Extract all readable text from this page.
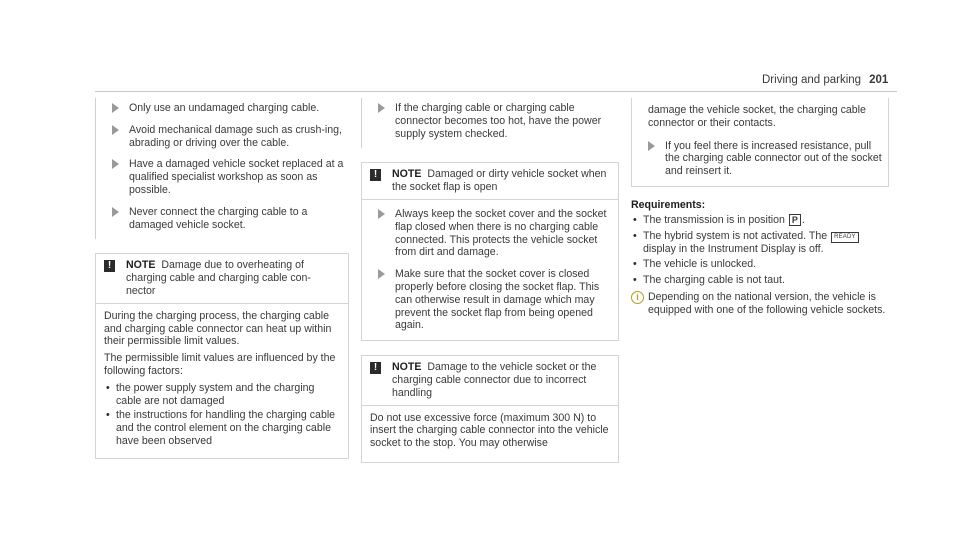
Driving and parking 201
Only use an undamaged charging cable.
Avoid mechanical damage such as crush-ing, abrading or driving over the cable.
Have a damaged vehicle socket replaced at a qualified specialist workshop as soon as possible.
Never connect the charging cable to a damaged vehicle socket.
!	NOTE Damage due to overheating of charging cable and charging cable con-nector

During the charging process, the charging cable and charging cable connector can heat up within their permissible limit values.

The permissible limit values are influenced by the following factors:

• the power supply system and the charging cable are not damaged
• the instructions for handling the charging cable and the control element on the charging cable have been observed
If the charging cable or charging cable connector becomes too hot, have the power supply system checked.
!	NOTE Damaged or dirty vehicle socket when the socket flap is open
Always keep the socket cover and the socket flap closed when there is no charging cable connected. This protects the vehicle socket from dirt and damage.
Make sure that the socket cover is closed properly before closing the socket flap. This can otherwise result in damage which may prevent the socket flap from being opened again.
!	NOTE Damage to the vehicle socket or the charging cable connector due to incorrect handling

Do not use excessive force (maximum 300 N) to insert the charging cable connector into the vehicle socket to the stop. You may otherwise

damage the vehicle socket, the charging cable connector or their contacts.

If you feel there is increased resistance, pull the charging cable connector out of the socket and reinsert it.
Requirements:
• The transmission is in position P .
• The hybrid system is not activated. The READY display in the Instrument Display is off.
• The vehicle is unlocked.
• The charging cable is not taut.
i Depending on the national version, the vehicle is equipped with one of the following vehicle sockets.
